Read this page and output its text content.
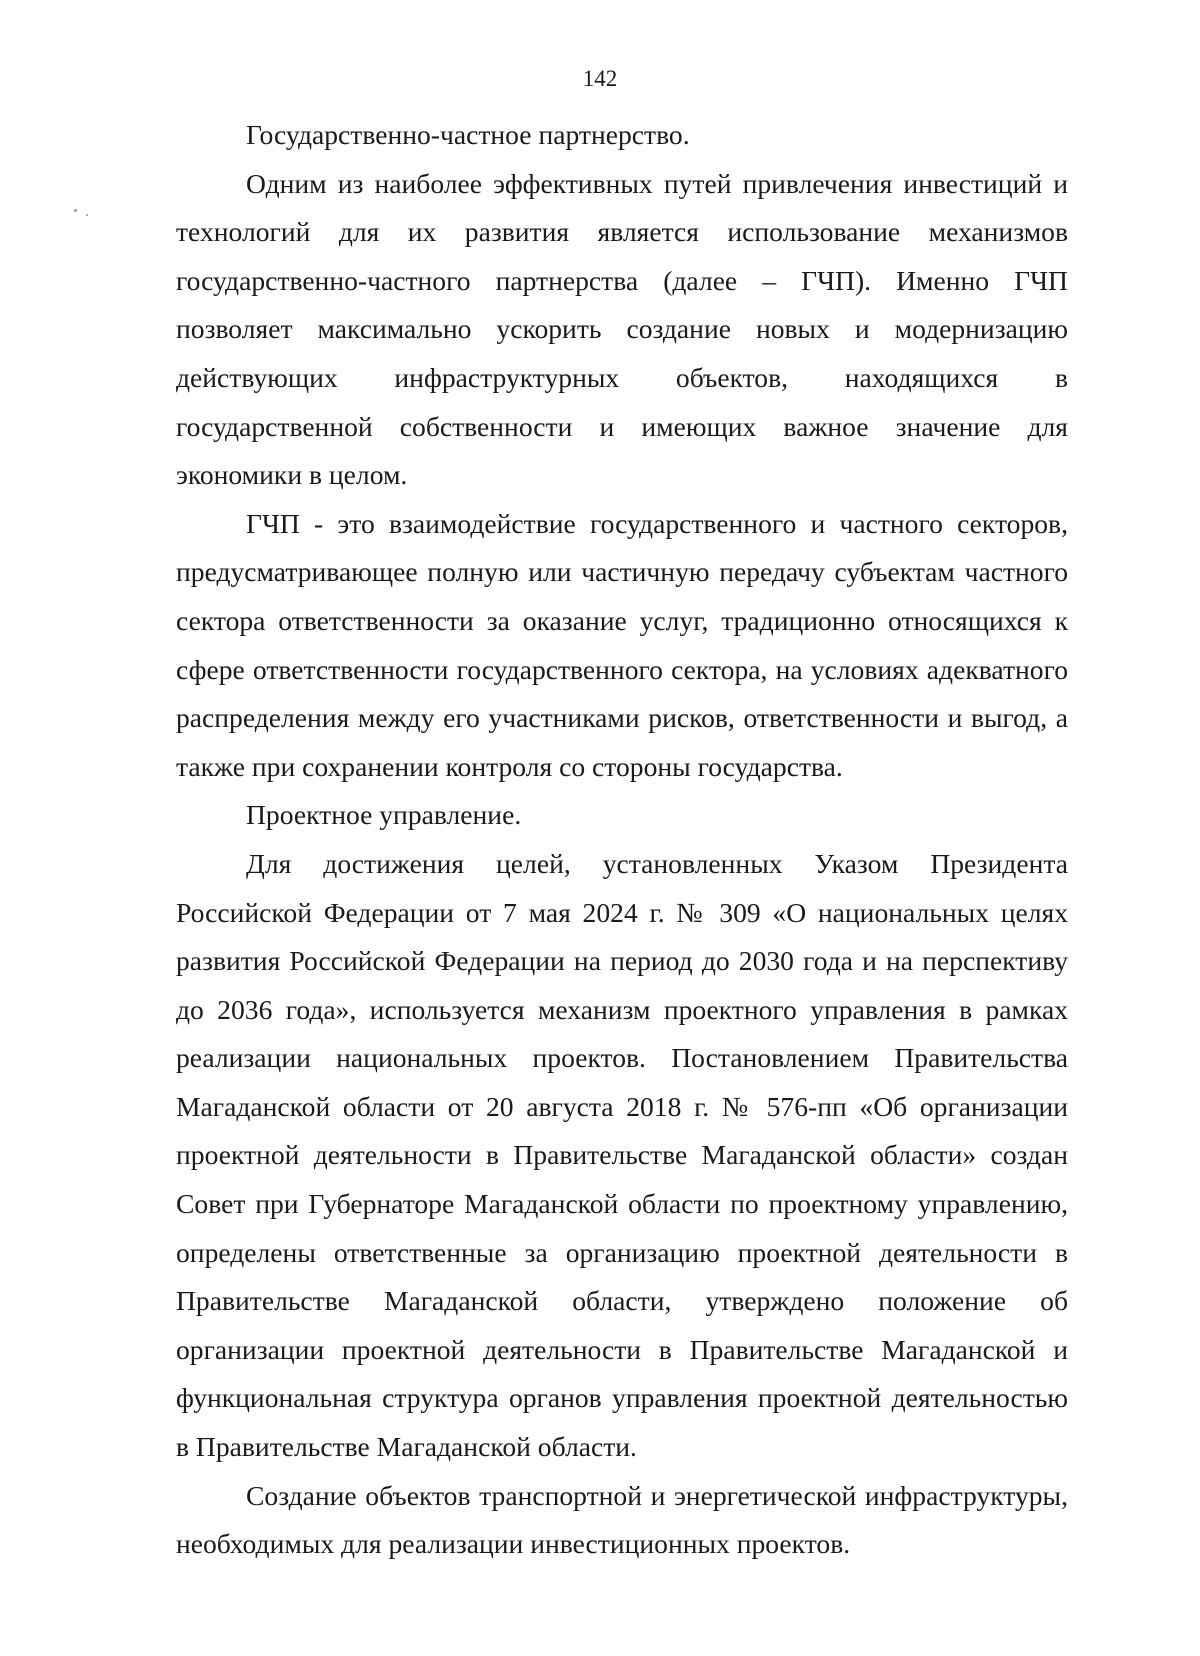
142

Государственно-частное партнерство.

Одним из наиболее эффективных путей привлечения инвестиций и технологий для их развития является использование механизмов государственно-частного партнерства (далее – ГЧП). Именно ГЧП позволяет максимально ускорить создание новых и модернизацию действующих инфраструктурных объектов, находящихся в государственной собственности и имеющих важное значение для экономики в целом.

ГЧП - это взаимодействие государственного и частного секторов, предусматривающее полную или частичную передачу субъектам частного сектора ответственности за оказание услуг, традиционно относящихся к сфере ответственности государственного сектора, на условиях адекватного распределения между его участниками рисков, ответственности и выгод, а также при сохранении контроля со стороны государства.

Проектное управление.

Для достижения целей, установленных Указом Президента Российской Федерации от 7 мая 2024 г. № 309 «О национальных целях развития Российской Федерации на период до 2030 года и на перспективу до 2036 года», используется механизм проектного управления в рамках реализации национальных проектов. Постановлением Правительства Магаданской области от 20 августа 2018 г. № 576-пп «Об организации проектной деятельности в Правительстве Магаданской области» создан Совет при Губернаторе Магаданской области по проектному управлению, определены ответственные за организацию проектной деятельности в Правительстве Магаданской области, утверждено положение об организации проектной деятельности в Правительстве Магаданской и функциональная структура органов управления проектной деятельностью в Правительстве Магаданской области.

Создание объектов транспортной и энергетической инфраструктуры, необходимых для реализации инвестиционных проектов.
